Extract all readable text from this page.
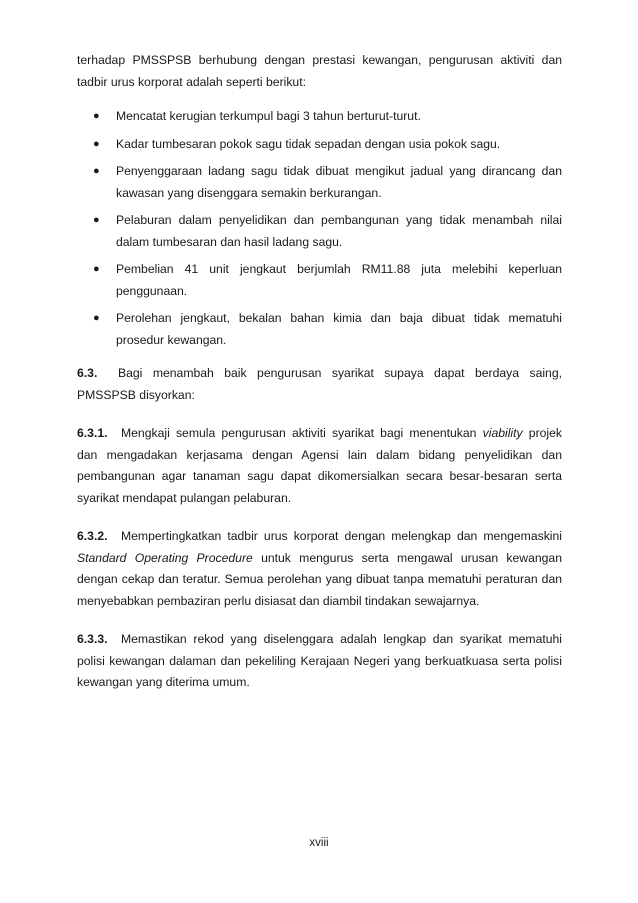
terhadap PMSSPSB berhubung dengan prestasi kewangan, pengurusan aktiviti dan tadbir urus korporat adalah seperti berikut:

● Mencatat kerugian terkumpul bagi 3 tahun berturut-turut.
● Kadar tumbesaran pokok sagu tidak sepadan dengan usia pokok sagu.
● Penyenggaraan ladang sagu tidak dibuat mengikut jadual yang dirancang dan kawasan yang disenggara semakin berkurangan.
● Pelaburan dalam penyelidikan dan pembangunan yang tidak menambah nilai dalam tumbesaran dan hasil ladang sagu.
● Pembelian 41 unit jengkaut berjumlah RM11.88 juta melebihi keperluan penggunaan.
● Perolehan jengkaut, bekalan bahan kimia dan baja dibuat tidak mematuhi prosedur kewangan.

6.3. Bagi menambah baik pengurusan syarikat supaya dapat berdaya saing, PMSSPSB disyorkan:

6.3.1. Mengkaji semula pengurusan aktiviti syarikat bagi menentukan viability projek dan mengadakan kerjasama dengan Agensi lain dalam bidang penyelidikan dan pembangunan agar tanaman sagu dapat dikomersialkan secara besar-besaran serta syarikat mendapat pulangan pelaburan.

6.3.2. Mempertingkatkan tadbir urus korporat dengan melengkap dan mengemaskini Standard Operating Procedure untuk mengurus serta mengawal urusan kewangan dengan cekap dan teratur. Semua perolehan yang dibuat tanpa mematuhi peraturan dan menyebabkan pembaziran perlu disiasat dan diambil tindakan sewajarnya.

6.3.3. Memastikan rekod yang diselenggara adalah lengkap dan syarikat mematuhi polisi kewangan dalaman dan pekeliling Kerajaan Negeri yang berkuatkuasa serta polisi kewangan yang diterima umum.

xviii
